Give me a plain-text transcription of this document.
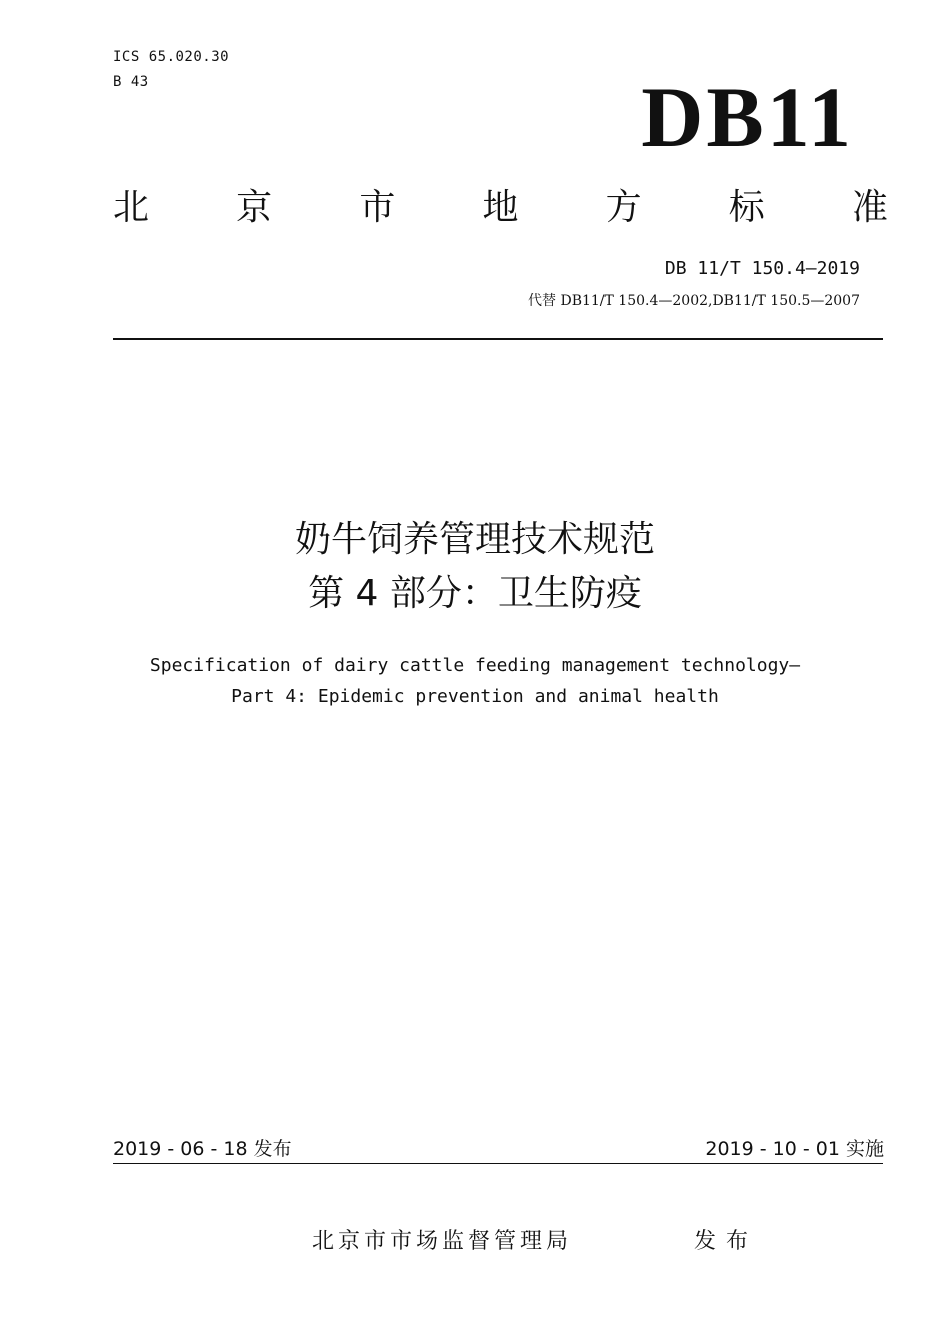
ICS 65.020.30
B 43	DB11
北 京 市 地 方 标 准
DB 11/T 150.4—2019
代替 DB11/T 150.4—2002,DB11/T 150.5—2007
奶牛饲养管理技术规范
第 4 部分：卫生防疫
Specification of dairy cattle feeding management technology—
Part 4: Epidemic prevention and animal health
2019 - 06 - 18 发布	2019 - 10 - 01 实施
北京市市场监督管理局	发布
